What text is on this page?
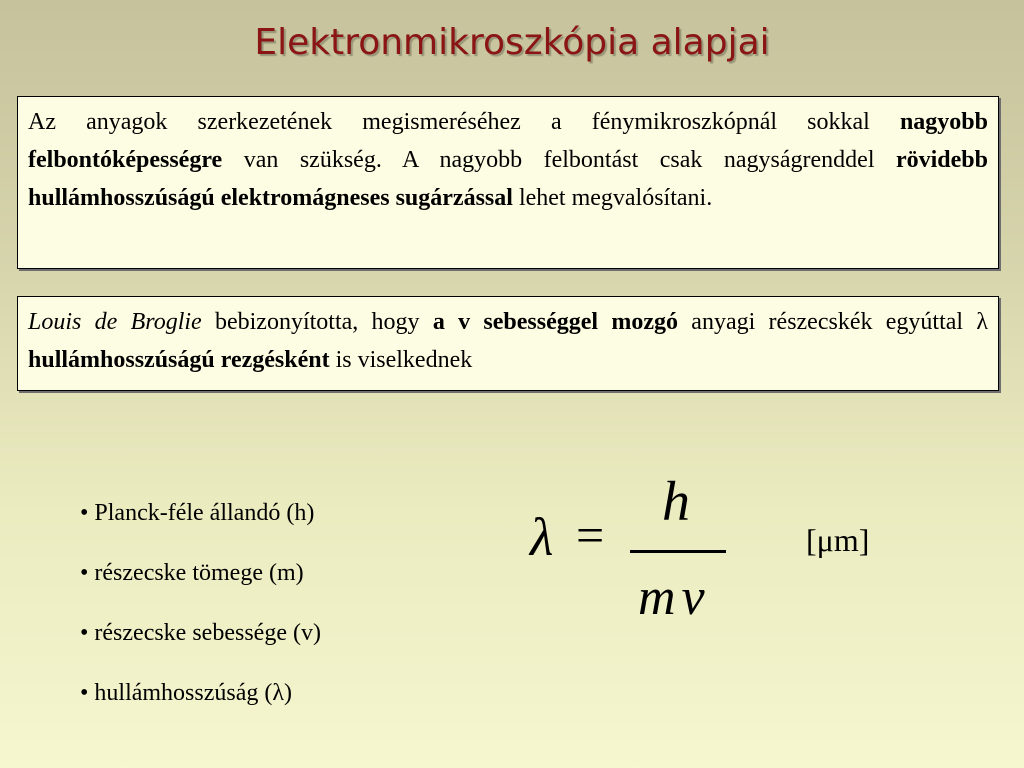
Elektronmikroszkópia alapjai
Az anyagok szerkezetének megismeréséhez a fénymikroszkópnál sokkal nagyobb felbontóképességre van szükség. A nagyobb felbontást csak nagyságrenddel rövidebb hullámhosszúságú elektromágneses sugárzással lehet megvalósítani.
Louis de Broglie bebizonyította, hogy a v sebességgel mozgó anyagi részecskék egyúttal λ hullámhosszúságú rezgésként is viselkednek
• Planck-féle állandó (h)
• részecske tömege (m)
• részecske sebessége (v)
• hullámhosszúság (λ)
λ =
h
mv
[μm]
